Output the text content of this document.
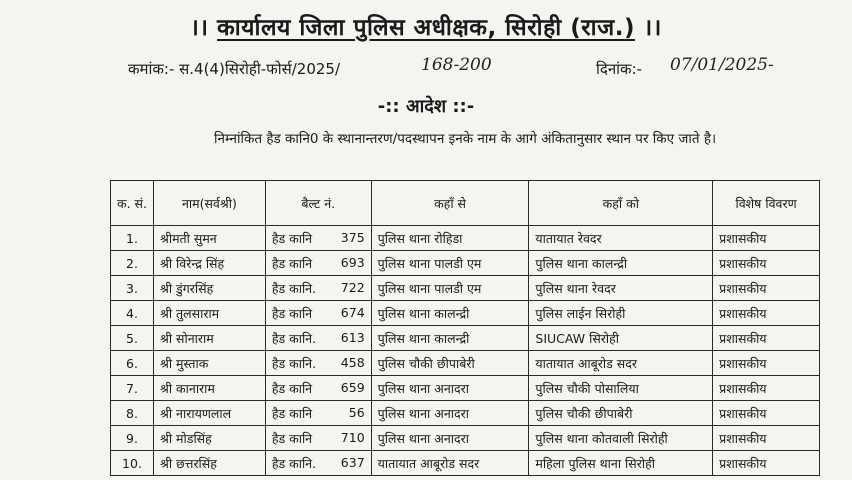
।। कार्यालय जिला पुलिस अधीक्षक, सिरोही (राज.) ।।
कमांक:- स.4(4)सिरोही-फोर्स/2025/	168-200	दिनांक:- 07/01/2025-
-:: आदेश ::-
निम्नांकित हैड कानि0 के स्थानान्तरण/पदस्थापन इनके नाम के आगे अंकितानुसार स्थान पर किए जाते है।
क. सं.	नाम(सर्वश्री)	बैल्ट नं.	कहाँ से	कहाँ को	विशेष विवरण
1.	श्रीमती सुमन	हैड कानि 375	पुलिस थाना रोहिडा	यातायात रेवदर	प्रशासकीय
2.	श्री विरेन्द्र सिंह	हैड कानि 693	पुलिस थाना पालडी एम	पुलिस थाना कालन्द्री	प्रशासकीय
3.	श्री डुंगरसिंह	हैड कानि. 722	पुलिस थाना पालडी एम	पुलिस थाना रेवदर	प्रशासकीय
4.	श्री तुलसाराम	हैड कानि 674	पुलिस थाना कालन्द्री	पुलिस लाईन सिरोही	प्रशासकीय
5.	श्री सोनाराम	हैड कानि. 613	पुलिस थाना कालन्द्री	SIUCAW सिरोही	प्रशासकीय
6.	श्री मुस्ताक	हैड कानि. 458	पुलिस चौकी छीपाबेरी	यातायात आबूरोड सदर	प्रशासकीय
7.	श्री कानाराम	हैड कानि 659	पुलिस थाना अनादरा	पुलिस चौकी पोसालिया	प्रशासकीय
8.	श्री नारायणलाल	हैड कानि 56	पुलिस थाना अनादरा	पुलिस चौकी छीपाबेरी	प्रशासकीय
9.	श्री मोडसिंह	हैड कानि 710	पुलिस थाना अनादरा	पुलिस थाना कोतवाली सिरोही	प्रशासकीय
10.	श्री छत्तरसिंह	हैड कानि. 637	यातायात आबूरोड सदर	महिला पुलिस थाना सिरोही	प्रशासकीय
